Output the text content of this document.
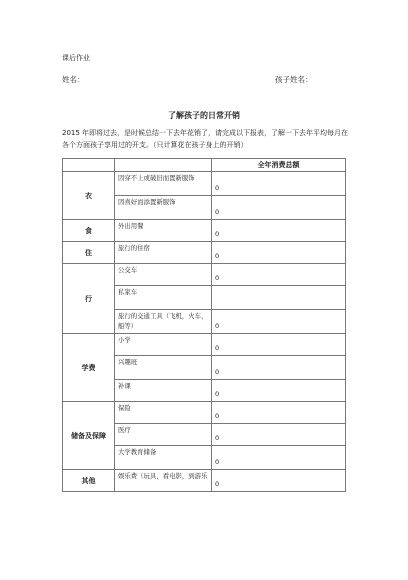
课后作业
姓名：	孩子姓名：
了解孩子的日常开销
2015 年即将过去，是时候总结一下去年花销了，请完成以下报表，了解一下去年平均每月在各个方面孩子享用过的开支。（只计算花在孩子身上的开销）
		全年消费总额
衣	因穿不上或破旧而置新服饰	0
	因喜好而添置新服饰	0
食	外出用餐	0
住	旅行的住宿	0
行	公交车	0
	私家车	
	旅行的交通工具（飞机，火车，船等）	0
学费	小学	0
	兴趣班	0
	补课	0
储备及保障	保险	0
	医疗	0
	大学教育储备	0
其他	娱乐费（玩具，看电影，到游乐	0
